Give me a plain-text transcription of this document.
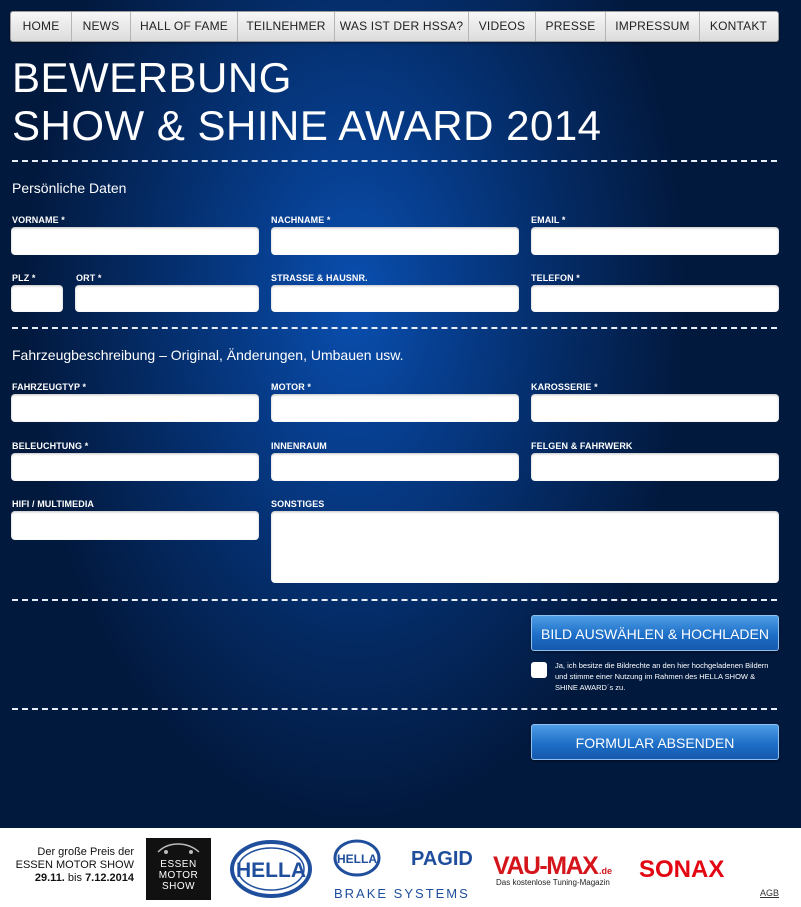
HOME	NEWS	HALL OF FAME	TEILNEHMER	WAS IST DER HSSA?	VIDEOS	PRESSE	IMPRESSUM	KONTAKT
BEWERBUNG
SHOW & SHINE AWARD 2014
Persönliche Daten
VORNAME *	NACHNAME *	EMAIL *
PLZ *	ORT *	STRASSE & HAUSNR.	TELEFON *
Fahrzeugbeschreibung – Original, Änderungen, Umbauen usw.
FAHRZEUGTYP *	MOTOR *	KAROSSERIE *
BELEUCHTUNG *	INNENRAUM	FELGEN & FAHRWERK
HIFI / MULTIMEDIA	SONSTIGES
BILD AUSWÄHLEN & HOCHLADEN
Ja, ich besitze die Bildrechte an den hier hochgeladenen Bildern und stimme einer Nutzung im Rahmen des HELLA SHOW & SHINE AWARD´s zu.
FORMULAR ABSENDEN
Der große Preis der
ESSEN MOTOR SHOW
29.11. bis 7.12.2014
ESSEN
MOTOR
SHOW
HELLA	HELLA PAGID
BRAKE SYSTEMS
VAU-MAX .de
Das kostenlose Tuning-Magazin SONAX
AGB
